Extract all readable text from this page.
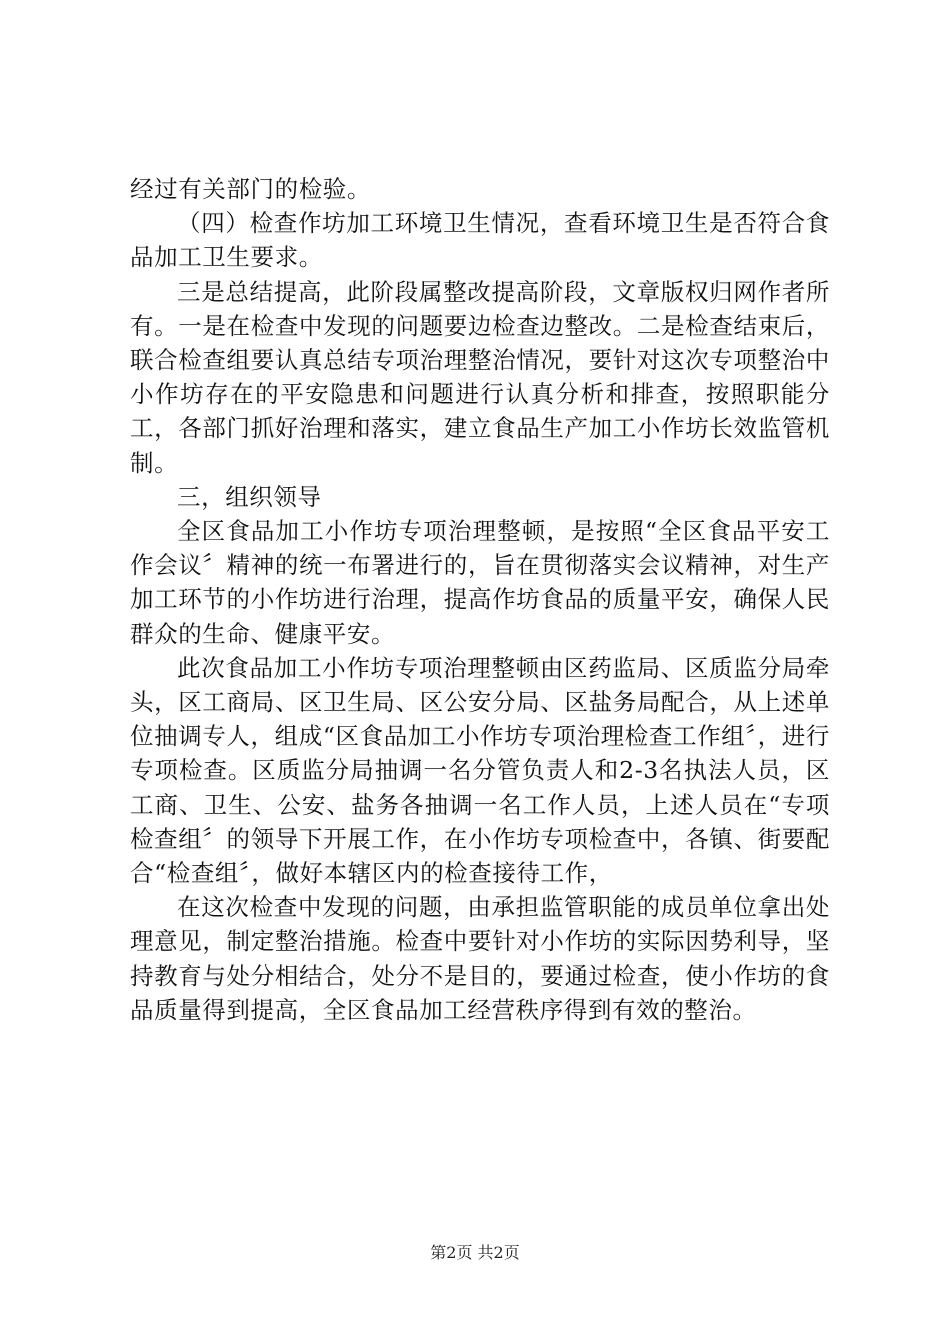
经过有关部门的检验。

（四）检查作坊加工环境卫生情况，查看环境卫生是否符合食品加工卫生要求。

三是总结提高，此阶段属整改提高阶段，文章版权归网作者所有。一是在检查中发现的问题要边检查边整改。二是检查结束后，联合检查组要认真总结专项治理整治情况，要针对这次专项整治中小作坊存在的平安隐患和问题进行认真分析和排查，按照职能分工，各部门抓好治理和落实，建立食品生产加工小作坊长效监管机制。

三，组织领导

全区食品加工小作坊专项治理整顿，是按照“全区食品平安工作会议〞精神的统一布署进行的，旨在贯彻落实会议精神，对生产加工环节的小作坊进行治理，提高作坊食品的质量平安，确保人民群众的生命、健康平安。

此次食品加工小作坊专项治理整顿由区药监局、区质监分局牵头，区工商局、区卫生局、区公安分局、区盐务局配合，从上述单位抽调专人，组成“区食品加工小作坊专项治理检查工作组〞，进行专项检查。区质监分局抽调一名分管负责人和2-3名执法人员，区工商、卫生、公安、盐务各抽调一名工作人员，上述人员在“专项检查组〞的领导下开展工作，在小作坊专项检查中，各镇、街要配合“检查组〞，做好本辖区内的检查接待工作，

在这次检查中发现的问题，由承担监管职能的成员单位拿出处理意见，制定整治措施。检查中要针对小作坊的实际因势利导，坚持教育与处分相结合，处分不是目的，要通过检查，使小作坊的食品质量得到提高，全区食品加工经营秩序得到有效的整治。

第2页 共2页
